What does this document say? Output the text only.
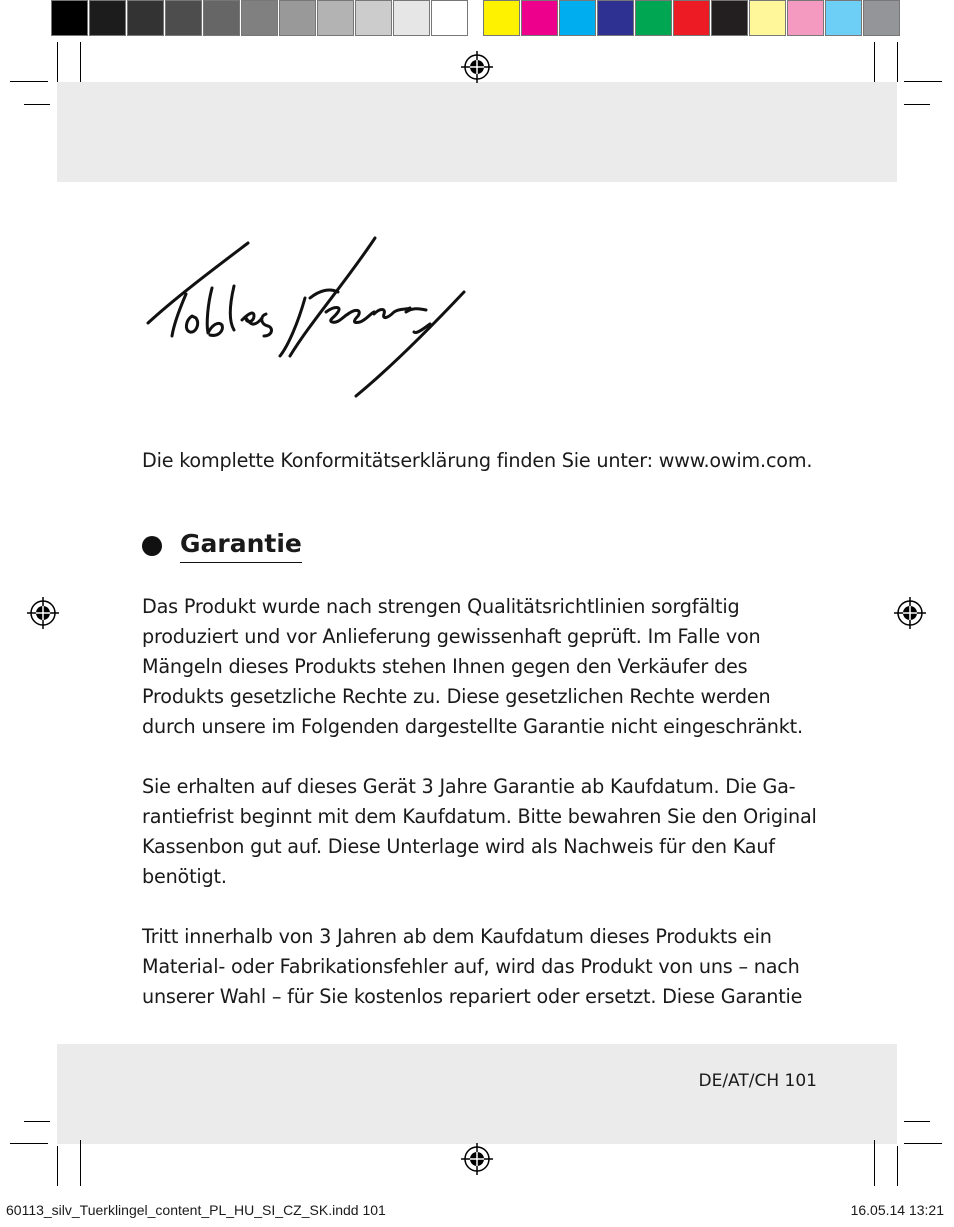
Die komplette Konformitätserklärung finden Sie unter: www.owim.com.
Garantie

Das Produkt wurde nach strengen Qualitätsrichtlinien sorgfältig produziert und vor Anlieferung gewissenhaft geprüft. Im Falle von Mängeln dieses Produkts stehen Ihnen gegen den Verkäufer des Produkts gesetzliche Rechte zu. Diese gesetzlichen Rechte werden durch unsere im Folgenden dargestellte Garantie nicht eingeschränkt.

Sie erhalten auf dieses Gerät 3 Jahre Garantie ab Kaufdatum. Die Ga-rantiefrist beginnt mit dem Kaufdatum. Bitte bewahren Sie den Original Kassenbon gut auf. Diese Unterlage wird als Nachweis für den Kauf benötigt.

Tritt innerhalb von 3 Jahren ab dem Kaufdatum dieses Produkts ein Material- oder Fabrikationsfehler auf, wird das Produkt von uns – nach unserer Wahl – für Sie kostenlos repariert oder ersetzt. Diese Garantie

DE/AT/CH 101
60113_silv_Tuerklingel_content_PL_HU_SI_CZ_SK.indd 101	16.05.14 13:21
